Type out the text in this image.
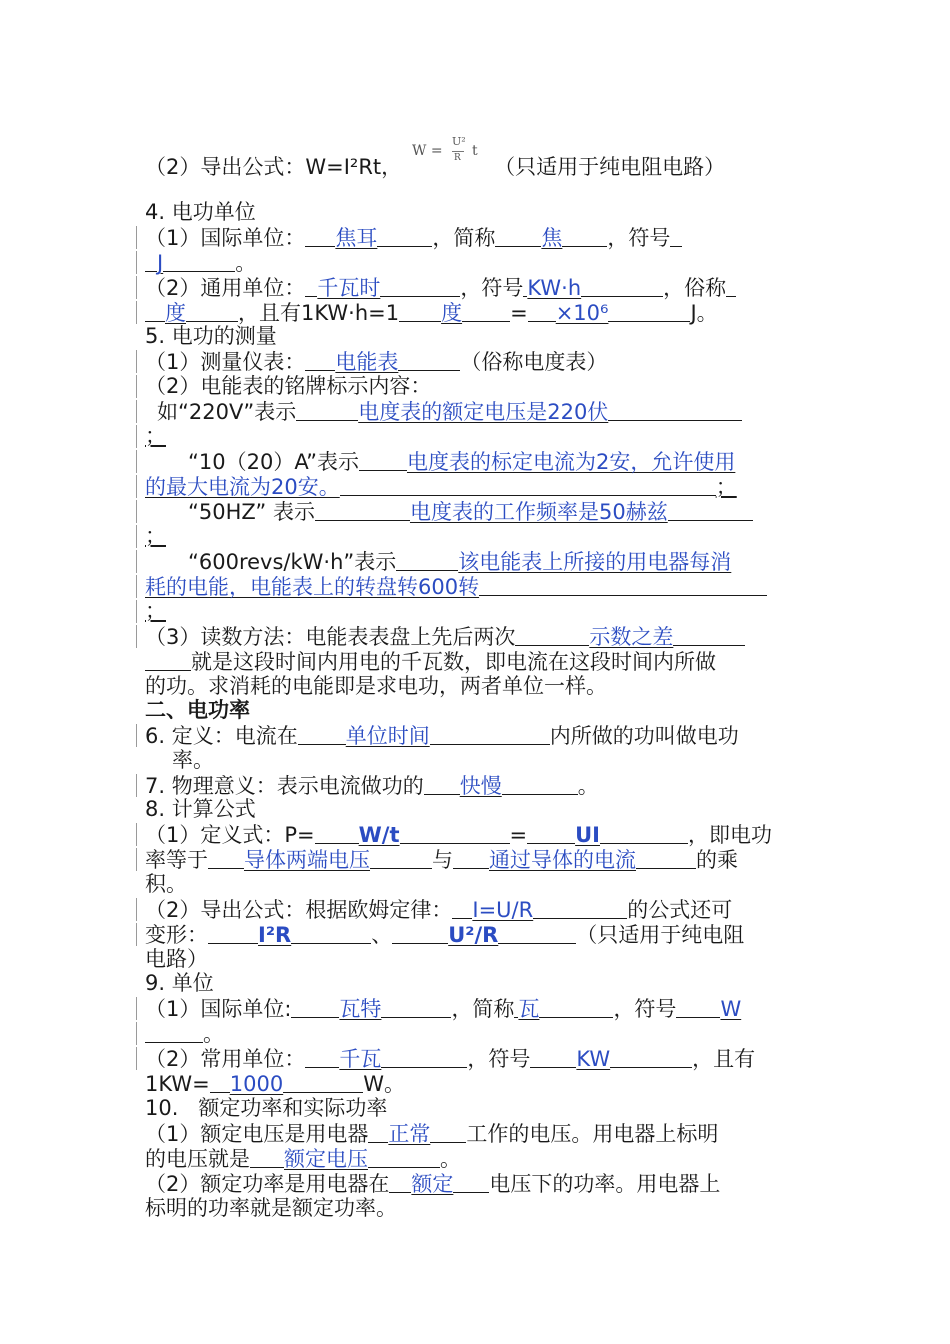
（2）导出公式：W=I²Rt，	（只适用于纯电阻电路）
W =
U²
R t
4. 电功单位
（1）国际单位： 焦耳	，简称 焦 ，符号
J	。
（2）通用单位： 千瓦时	，符号 KW·h	，俗称
度 ，且有1KW·h=1 度 = ×10⁶	J。
5. 电功的测量
（1）测量仪表： 电能表	（俗称电度表）
（2）电能表的铭牌标示内容：
如“220V”表示	电度表的额定电压是220伏
；
“10（20）A”表示 电度表的标定电流为2安，允许使用
的最大电流为20安。	；
“50HZ” 表示	电度表的工作频率是50赫兹
；
“600revs/kW·h”表示	该电能表上所接的用电器每消
耗的电能，电能表上的转盘转600转
；
（3）读数方法：电能表表盘上先后两次	示数之差
就是这段时间内用电的千瓦数，即电流在这段时间内所做
的功。求消耗的电能即是求电功，两者单位一样。
二、电功率
6. 定义：电流在 单位时间	内所做的功叫做电功
率。
7. 物理意义：表示电流做功的 快慢	。
8. 计算公式
（1）定义式：P= W/t	= UI	，即电功
率等于 导体两端电压	与 通过导体的电流	的乘
积。
（2）导出公式：根据欧姆定律： I=U/R	的公式还可
变形： I²R	、	U²/R	（只适用于纯电阻
电路）
9. 单位
（1）国际单位: 瓦特	，简称 瓦	，符号 W
。
（2）常用单位： 千瓦	，符号 KW	，且有
1KW= 1000	W。
10.   额定功率和实际功率
（1）额定电压是用电器 正常 工作的电压。用电器上标明
的电压就是 额定电压	。
（2）额定功率是用电器在 额定 电压下的功率。用电器上
标明的功率就是额定功率。
